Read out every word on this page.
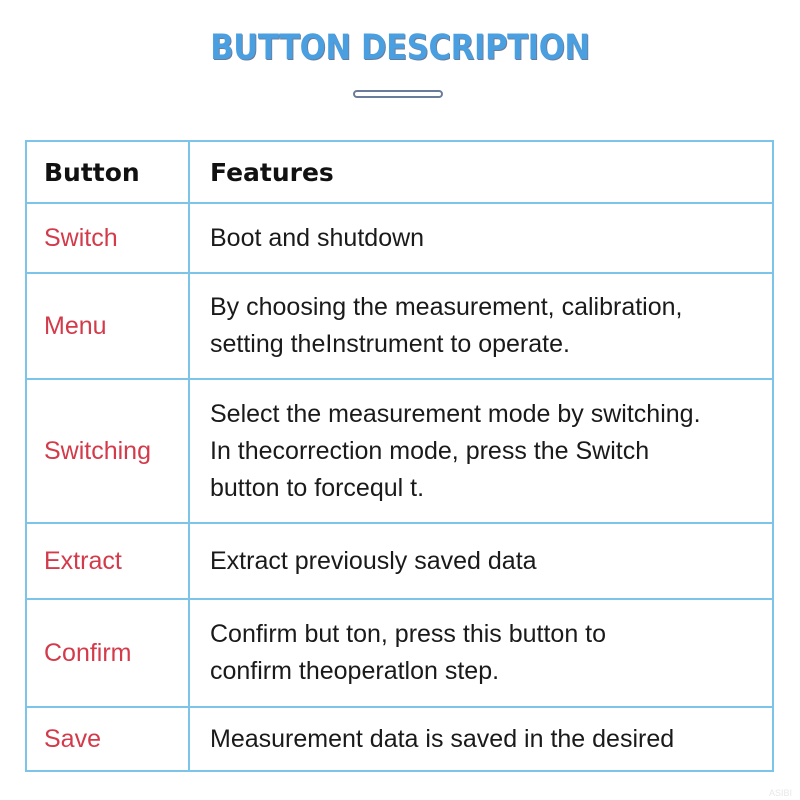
BUTTON DESCRIPTION
Button	Features
Switch	Boot and shutdown

Menu	By choosing the measurement, calibration,
setting theInstrument to operate.

Switching	Select the measurement mode by switching.
In thecorrection mode, press the Switch
button to forcequl t.

Extract	Extract previously saved data

Confirm	Confirm but ton, press this button to
confirm theoperatlon step.

Save	Measurement data is saved in the desired
ASIBI
